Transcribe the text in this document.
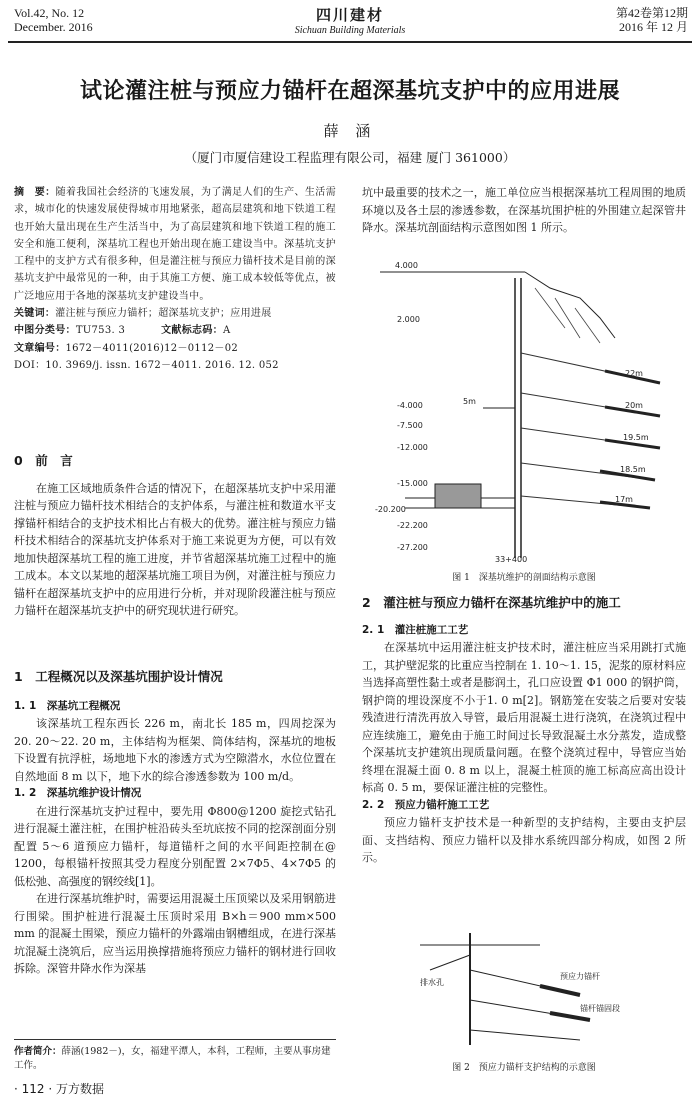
Vol.42, No. 12
December. 2016
四川建材
Sichuan Building Materials
第42卷第12期
2016 年 12 月
试论灌注桩与预应力锚杆在超深基坑支护中的应用进展
薛 涵
（厦门市厦信建设工程监理有限公司，福建 厦门 361000）

摘　要：随着我国社会经济的飞速发展，为了满足人们的生产、生活需求，城市化的快速发展使得城市用地紧张，超高层建筑和地下铁道工程也开始大量出现在生产生活当中，为了高层建筑和地下铁道工程的施工安全和施工便利，深基坑工程也开始出现在施工建设当中。深基坑支护工程中的支护方式有很多种，但是灌注桩与预应力锚杆技术是目前的深基坑支护中最常见的一种，由于其施工方便、施工成本较低等优点，被广泛地应用于各地的深基坑支护建设当中。

关键词：灌注桩与预应力锚杆；超深基坑支护；应用进展

中图分类号：TU753. 3	文献标志码：A

文章编号：1672－4011(2016)12－0112－02

DOI：10. 3969/j. issn. 1672－4011. 2016. 12. 052

0　前　言

在施工区域地质条件合适的情况下，在超深基坑支护中采用灌注桩与预应力锚杆技术相结合的支护体系，与灌注桩和数道水平支撑锚杆相结合的支护技术相比占有极大的优势。灌注桩与预应力锚杆技术相结合的深基坑支护体系对于施工来说更为方便，可以有效地加快超深基坑工程的施工进度，并节省超深基坑施工过程中的施工成本。本文以某地的超深基坑施工项目为例，对灌注桩与预应力锚杆在超深基坑支护中的应用进行分析，并对现阶段灌注桩与预应力锚杆在超深基坑支护中的研究现状进行研究。

1　工程概况以及深基坑围护设计情况
1. 1　深基坑工程概况

该深基坑工程东西长 226 m，南北长 185 m，四周挖深为 20. 20～22. 20 m，主体结构为框架、筒体结构，深基坑的地板下设置有抗浮桩，场地地下水的渗透方式为空隙潜水，水位位置在自然地面 8 m 以下，地下水的综合渗透参数为 100 m/d。

1. 2　深基坑维护设计情况

在进行深基坑支护过程中，要先用 Φ800@1200 旋挖式钻孔进行混凝土灌注桩，在围护桩沿砖头至坑底按不同的挖深剖面分别配置 5～6 道预应力锚杆，每道锚杆之间的水平间距控制在@ 1200，每根锚杆按照其受力程度分别配置 2×7Φ5、4×7Φ5 的低松弛、高强度的钢绞线[1]。

在进行深基坑维护时，需要运用混凝土压顶梁以及采用钢筋进行围梁。围护桩进行混凝土压顶时采用 B×h＝900 mm×500 mm 的混凝土围梁，预应力锚杆的外露端由钢槽组成，在进行深基坑混凝土浇筑后，应当运用换撑措施将预应力锚杆的钢材进行回收拆除。深管井降水作为深基

坑中最重要的技术之一，施工单位应当根据深基坑工程周围的地质环境以及各土层的渗透参数，在深基坑围护桩的外围建立起深管井降水。深基坑剖面结构示意图如图 1 所示。

4.000
2.000
-4.000
-7.500
-12.000
-15.000
-20.200
-22.200
-27.200
5m
33+400
22m
20m
19.5m
18.5m
17m
图 1　深基坑维护的剖面结构示意图
2　灌注桩与预应力锚杆在深基坑维护中的施工
2. 1　灌注桩施工工艺

在深基坑中运用灌注桩支护技术时，灌注桩应当采用跳打式施工，其护壁泥浆的比重应当控制在 1. 10～1. 15，泥浆的原材料应当选择高塑性黏土或者是膨润土，孔口应设置 Φ1 000 的钢护筒，钢护筒的埋设深度不小于1. 0 m[2]。钢筋笼在安装之后要对安装残渣进行清洗再放入导管，最后用混凝土进行浇筑，在浇筑过程中应连续施工，避免由于施工时间过长导致混凝土水分蒸发，造成整个深基坑支护建筑出现质量问题。在整个浇筑过程中，导管应当始终埋在混凝土面 0. 8 m 以上，混凝土桩顶的施工标高应高出设计标高 0. 5 m，要保证灌注桩的完整性。

2. 2　预应力锚杆施工工艺

预应力锚杆支护技术是一种新型的支护结构，主要由支护层面、支挡结构、预应力锚杆以及排水系统四部分构成，如图 2 所示。

预应力锚杆
排水孔
锚杆锚固段
图 2　预应力锚杆支护结构的示意图
作者简介：薛涵(1982－)，女，福建平潭人，本科，工程师，主要从事房建工作。
· 112 · 万方数据
